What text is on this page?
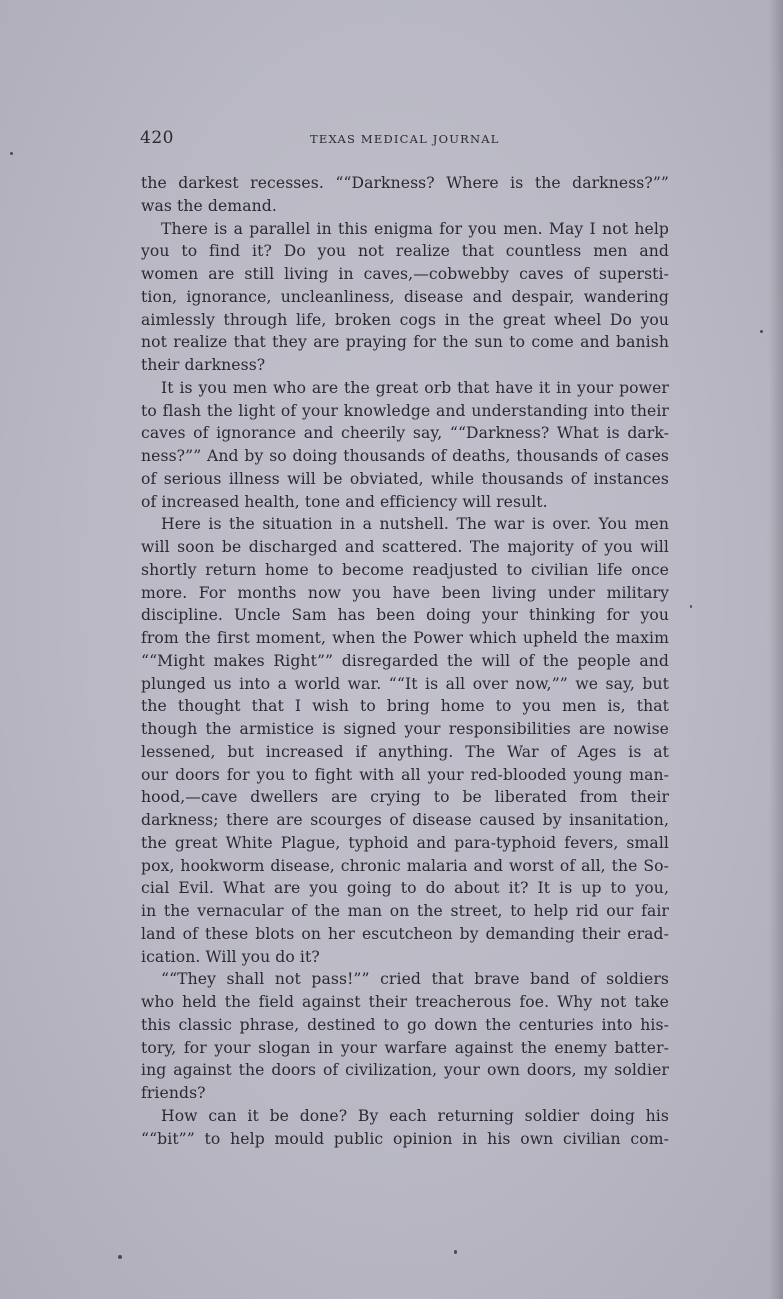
420	TEXAS MEDICAL JOURNAL
the darkest recesses. ““Darkness? Where is the darkness?””
was the demand.
There is a parallel in this enigma for you men. May I not help
you to find it? Do you not realize that countless men and
women are still living in caves,—cobwebby caves of supersti-
tion, ignorance, uncleanliness, disease and despair, wandering
aimlessly through life, broken cogs in the great wheel Do you
not realize that they are praying for the sun to come and banish
their darkness?
It is you men who are the great orb that have it in your power
to flash the light of your knowledge and understanding into their
caves of ignorance and cheerily say, ““Darkness? What is dark-
ness?”” And by so doing thousands of deaths, thousands of cases
of serious illness will be obviated, while thousands of instances
of increased health, tone and efficiency will result.
Here is the situation in a nutshell. The war is over. You men
will soon be discharged and scattered. The majority of you will
shortly return home to become readjusted to civilian life once
more. For months now you have been living under military
discipline. Uncle Sam has been doing your thinking for you
from the first moment, when the Power which upheld the maxim
““Might makes Right”” disregarded the will of the people and
plunged us into a world war. ““It is all over now,”” we say, but
the thought that I wish to bring home to you men is, that
though the armistice is signed your responsibilities are nowise
lessened, but increased if anything. The War of Ages is at
our doors for you to fight with all your red-blooded young man-
hood,—cave dwellers are crying to be liberated from their
darkness; there are scourges of disease caused by insanitation,
the great White Plague, typhoid and para-typhoid fevers, small
pox, hookworm disease, chronic malaria and worst of all, the So-
cial Evil. What are you going to do about it? It is up to you,
in the vernacular of the man on the street, to help rid our fair
land of these blots on her escutcheon by demanding their erad-
ication. Will you do it?
““They shall not pass!”” cried that brave band of soldiers
who held the field against their treacherous foe. Why not take
this classic phrase, destined to go down the centuries into his-
tory, for your slogan in your warfare against the enemy batter-
ing against the doors of civilization, your own doors, my soldier
friends?
How can it be done? By each returning soldier doing his
““bit”” to help mould public opinion in his own civilian com-
